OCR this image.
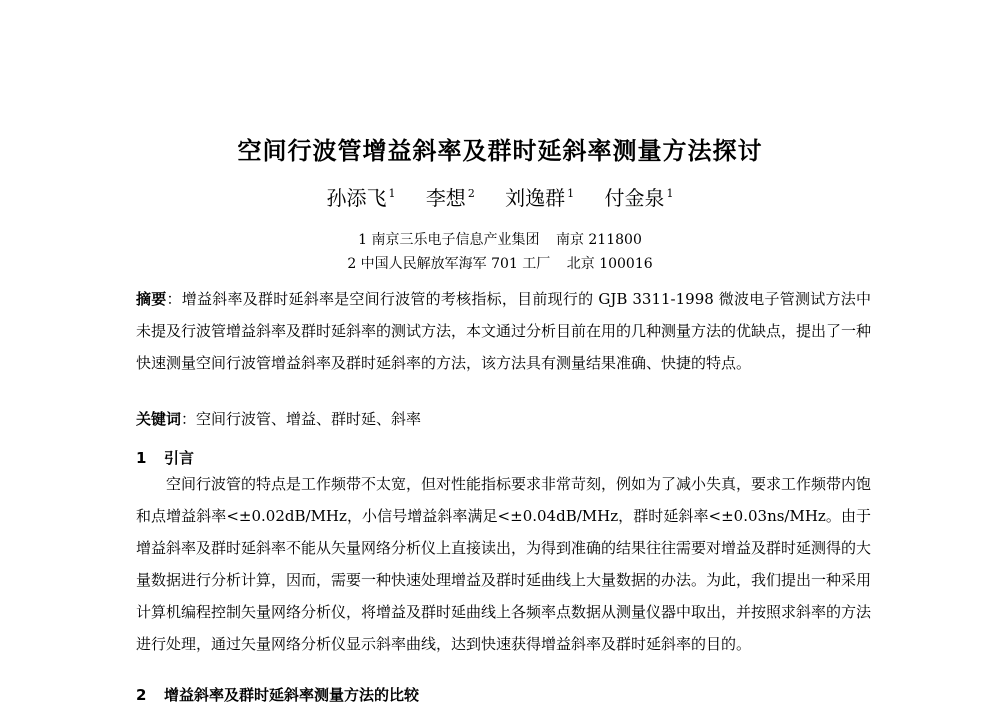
空间行波管增益斜率及群时延斜率测量方法探讨
孙添飞 $^1$ 李想 $^2$ 刘逸群 $^1$ 付金泉 $^1$
1 南京三乐电子信息产业集团 南京 211800
2 中国人民解放军海军 701 工厂 北京 100016
摘要：增益斜率及群时延斜率是空间行波管的考核指标，目前现行的 GJB 3311-1998 微波电子管测试方法中未提及行波管增益斜率及群时延斜率的测试方法，本文通过分析目前在用的几种测量方法的优缺点，提出了一种快速测量空间行波管增益斜率及群时延斜率的方法，该方法具有测量结果准确、快捷的特点。
关键词：空间行波管、增益、群时延、斜率
1 引言
空间行波管的特点是工作频带不太宽，但对性能指标要求非常苛刻，例如为了减小失真，要求工作频带内饱和点增益斜率<±0.02dB/MHz，小信号增益斜率满足<±0.04dB/MHz，群时延斜率<±0.03ns/MHz。由于增益斜率及群时延斜率不能从矢量网络分析仪上直接读出，为得到准确的结果往往需要对增益及群时延测得的大量数据进行分析计算，因而，需要一种快速处理增益及群时延曲线上大量数据的办法。为此，我们提出一种采用计算机编程控制矢量网络分析仪，将增益及群时延曲线上各频率点数据从测量仪器中取出，并按照求斜率的方法进行处理，通过矢量网络分析仪显示斜率曲线，达到快速获得增益斜率及群时延斜率的目的。
2 增益斜率及群时延斜率测量方法的比较
